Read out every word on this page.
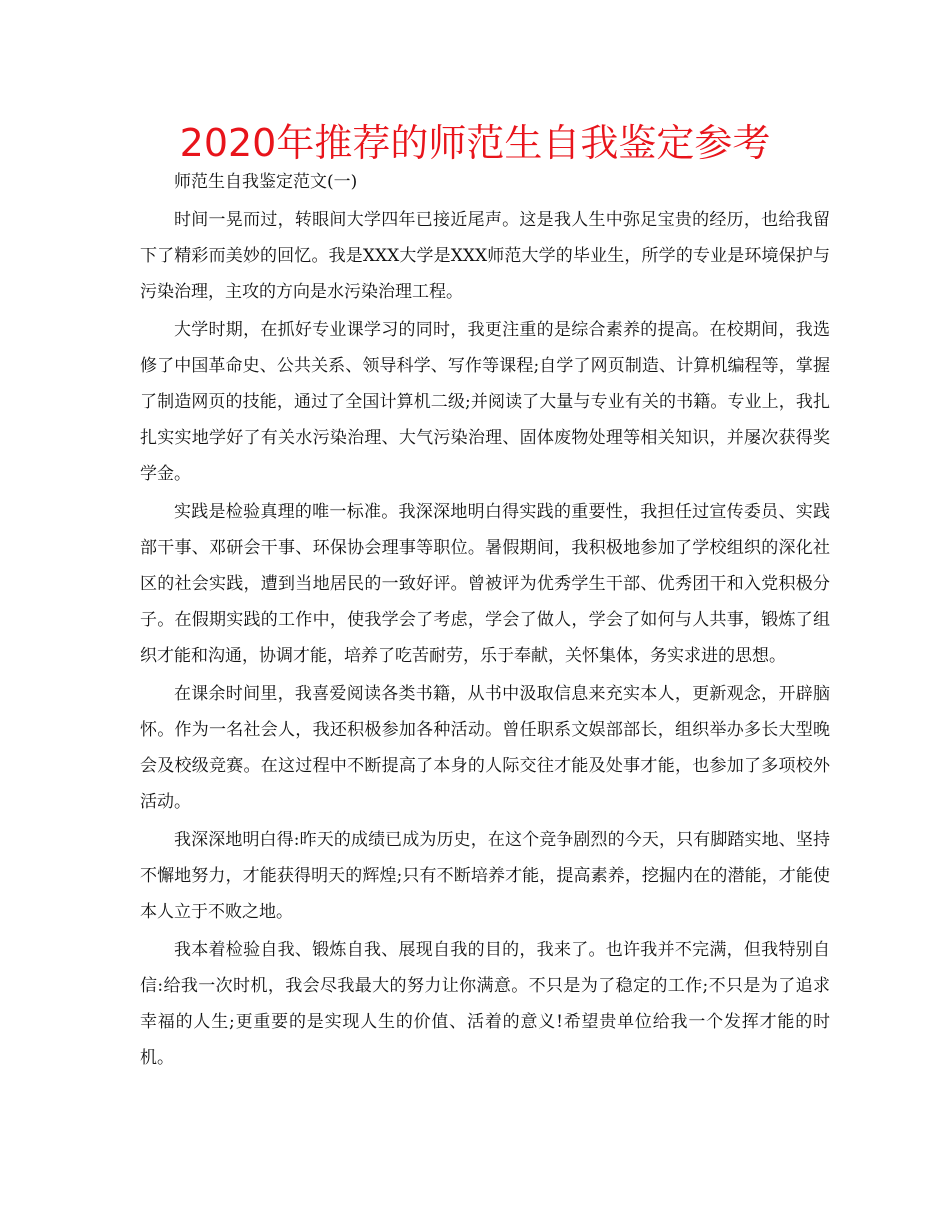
2020年推荐的师范生自我鉴定参考

师范生自我鉴定范文(一)

时间一晃而过，转眼间大学四年已接近尾声。这是我人生中弥足宝贵的经历，也给我留下了精彩而美妙的回忆。我是XXX大学是XXX师范大学的毕业生，所学的专业是环境保护与污染治理，主攻的方向是水污染治理工程。

大学时期，在抓好专业课学习的同时，我更注重的是综合素养的提高。在校期间，我选修了中国革命史、公共关系、领导科学、写作等课程;自学了网页制造、计算机编程等，掌握了制造网页的技能，通过了全国计算机二级;并阅读了大量与专业有关的书籍。专业上，我扎扎实实地学好了有关水污染治理、大气污染治理、固体废物处理等相关知识，并屡次获得奖学金。

实践是检验真理的唯一标准。我深深地明白得实践的重要性，我担任过宣传委员、实践部干事、邓研会干事、环保协会理事等职位。暑假期间，我积极地参加了学校组织的深化社区的社会实践，遭到当地居民的一致好评。曾被评为优秀学生干部、优秀团干和入党积极分子。在假期实践的工作中，使我学会了考虑，学会了做人，学会了如何与人共事，锻炼了组织才能和沟通，协调才能，培养了吃苦耐劳，乐于奉献，关怀集体，务实求进的思想。

在课余时间里，我喜爱阅读各类书籍，从书中汲取信息来充实本人，更新观念，开辟脑怀。作为一名社会人，我还积极参加各种活动。曾任职系文娱部部长，组织举办多长大型晚会及校级竞赛。在这过程中不断提高了本身的人际交往才能及处事才能，也参加了多项校外活动。

我深深地明白得:昨天的成绩已成为历史，在这个竞争剧烈的今天，只有脚踏实地、坚持不懈地努力，才能获得明天的辉煌;只有不断培养才能，提高素养，挖掘内在的潜能，才能使本人立于不败之地。

我本着检验自我、锻炼自我、展现自我的目的，我来了。也许我并不完满，但我特别自信:给我一次时机，我会尽我最大的努力让你满意。不只是为了稳定的工作;不只是为了追求幸福的人生;更重要的是实现人生的价值、活着的意义!希望贵单位给我一个发挥才能的时机。
